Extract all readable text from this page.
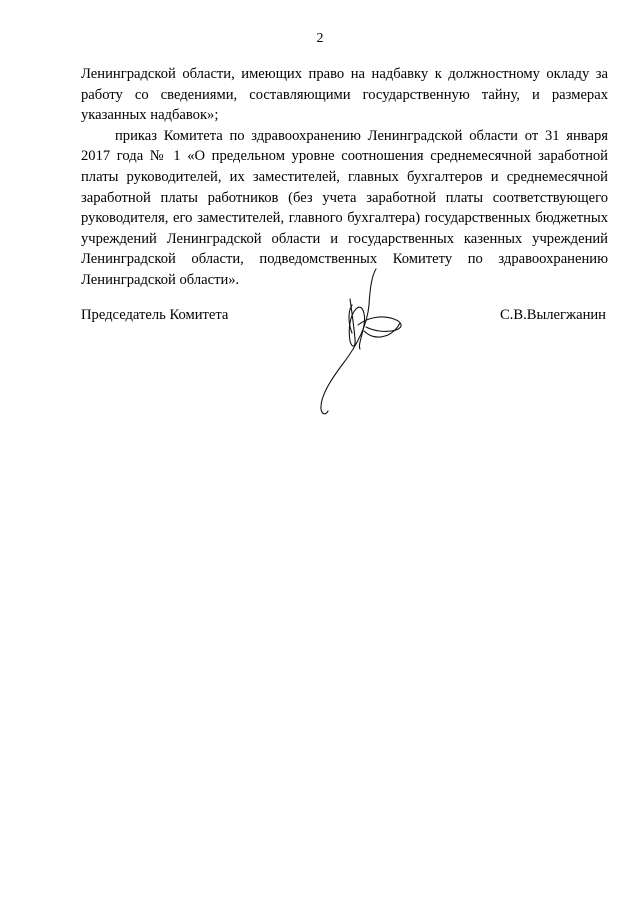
2

Ленинградской области, имеющих право на надбавку к должностному окладу за работу со сведениями, составляющими государственную тайну, и размерах указанных надбавок»;

приказ Комитета по здравоохранению Ленинградской области от 31 января 2017 года № 1 «О предельном уровне соотношения среднемесячной заработной платы руководителей, их заместителей, главных бухгалтеров и среднемесячной заработной платы работников (без учета заработной платы соответствующего руководителя, его заместителей, главного бухгалтера) государственных бюджетных учреждений Ленинградской области и государственных казенных учреждений Ленинградской области, подведомственных Комитету по здравоохранению Ленинградской области».

Председатель Комитета	С.В.Вылегжанин
